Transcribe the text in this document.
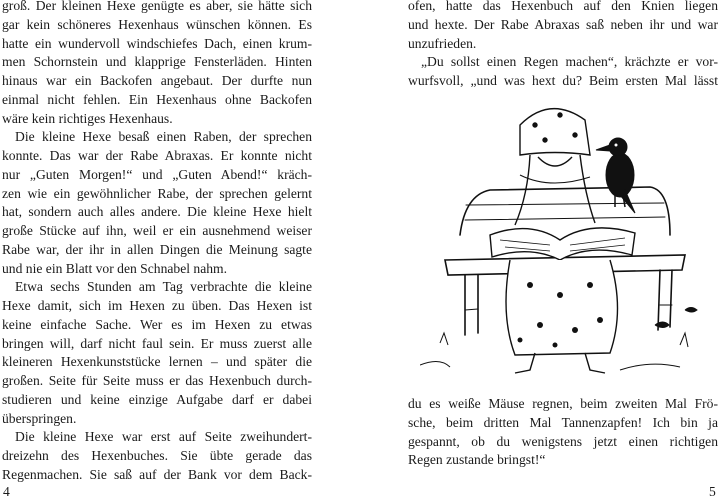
groß. Der kleinen Hexe genügte es aber, sie hätte sich
gar kein schöneres Hexenhaus wünschen können. Es
hatte ein wundervoll windschiefes Dach, einen krum-
men Schornstein und klapprige Fensterläden. Hinten
hinaus war ein Backofen angebaut. Der durfte nun
einmal nicht fehlen. Ein Hexenhaus ohne Backofen
wäre kein richtiges Hexenhaus.
Die kleine Hexe besaß einen Raben, der sprechen
konnte. Das war der Rabe Abraxas. Er konnte nicht
nur „Guten Morgen!“ und „Guten Abend!“ kräch-
zen wie ein gewöhnlicher Rabe, der sprechen gelernt
hat, sondern auch alles andere. Die kleine Hexe hielt
große Stücke auf ihn, weil er ein ausnehmend weiser
Rabe war, der ihr in allen Dingen die Meinung sagte
und nie ein Blatt vor den Schnabel nahm.
Etwa sechs Stunden am Tag verbrachte die kleine
Hexe damit, sich im Hexen zu üben. Das Hexen ist
keine einfache Sache. Wer es im Hexen zu etwas
bringen will, darf nicht faul sein. Er muss zuerst alle
kleineren Hexenkunststücke lernen – und später die
großen. Seite für Seite muss er das Hexenbuch durch-
studieren und keine einzige Aufgabe darf er dabei
überspringen.
Die kleine Hexe war erst auf Seite zweihundert-
dreizehn des Hexenbuches. Sie übte gerade das
Regenmachen. Sie saß auf der Bank vor dem Back-
ofen, hatte das Hexenbuch auf den Knien liegen
und hexte. Der Rabe Abraxas saß neben ihr und war
unzufrieden.
„Du sollst einen Regen machen“, krächzte er vor-
wurfsvoll, „und was hext du? Beim ersten Mal lässt
du es weiße Mäuse regnen, beim zweiten Mal Frö-
sche, beim dritten Mal Tannenzapfen! Ich bin ja
gespannt, ob du wenigstens jetzt einen richtigen
Regen zustande bringst!“
4	5
